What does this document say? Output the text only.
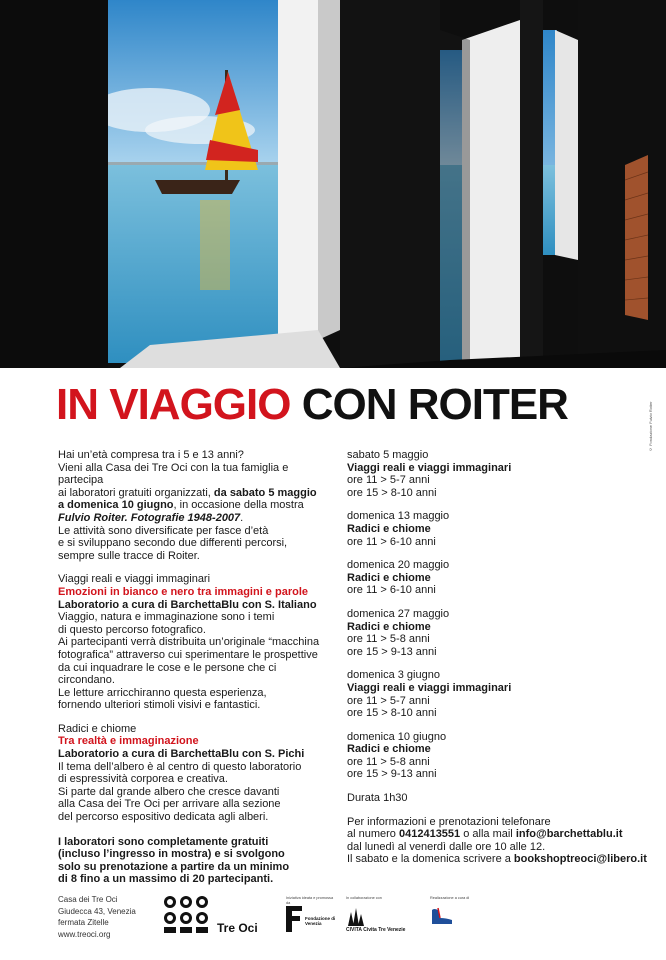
© Fondazione Fulvio Roiter
IN VIAGGIO CON ROITER

Hai un’età compresa tra i 5 e 13 anni?

Vieni alla Casa dei Tre Oci con la tua famiglia e partecipa

ai laboratori gratuiti organizzati, da sabato 5 maggio

a domenica 10 giugno, in occasione della mostra

Fulvio Roiter. Fotografie 1948-2007.

Le attività sono diversificate per fasce d’età

e si sviluppano secondo due differenti percorsi,

sempre sulle tracce di Roiter.

Viaggi reali e viaggi immaginari

Emozioni in bianco e nero tra immagini e parole

Laboratorio a cura di BarchettaBlu con S. Italiano

Viaggio, natura e immaginazione sono i temi

di questo percorso fotografico.

Ai partecipanti verrà distribuita un’originale “macchina

fotografica” attraverso cui sperimentare le prospettive

da cui inquadrare le cose e le persone che ci circondano.

Le letture arricchiranno questa esperienza,

fornendo ulteriori stimoli visivi e fantastici.

Radici e chiome

Tra realtà e immaginazione

Laboratorio a cura di BarchettaBlu con S. Pichi

Il tema dell’albero è al centro di questo laboratorio

di espressività corporea e creativa.

Si parte dal grande albero che cresce davanti

alla Casa dei Tre Oci per arrivare alla sezione

del percorso espositivo dedicata agli alberi.

I laboratori sono completamente gratuiti

(incluso l’ingresso in mostra) e si svolgono

solo su prenotazione a partire da un minimo

di 8 fino a un massimo di 20 partecipanti.

sabato 5 maggio

Viaggi reali e viaggi immaginari

ore 11 > 5-7 anni

ore 15 > 8-10 anni

domenica 13 maggio

Radici e chiome

ore 11 > 6-10 anni

domenica 20 maggio

Radici e chiome

ore 11 > 6-10 anni

domenica 27 maggio

Radici e chiome

ore 11 > 5-8 anni

ore 15 > 9-13 anni

domenica 3 giugno

Viaggi reali e viaggi immaginari

ore 11 > 5-7 anni

ore 15 > 8-10 anni

domenica 10 giugno

Radici e chiome

ore 11 > 5-8 anni

ore 15 > 9-13 anni

Durata 1h30

Per informazioni e prenotazioni telefonare

al numero 0412413551 o alla mail info@barchettablu.it

dal lunedì al venerdì dalle ore 10 alle 12.

Il sabato e la domenica scrivere a bookshoptreoci@libero.it

Casa dei Tre Oci
Giudecca 43, Venezia
fermata Zitelle
www.treoci.org	Tre Oci
Iniziativa ideata e promossa da
Fondazione di Venezia
In collaborazione con
CIVITA Civita Tre Venezie
Realizzazione a cura di
